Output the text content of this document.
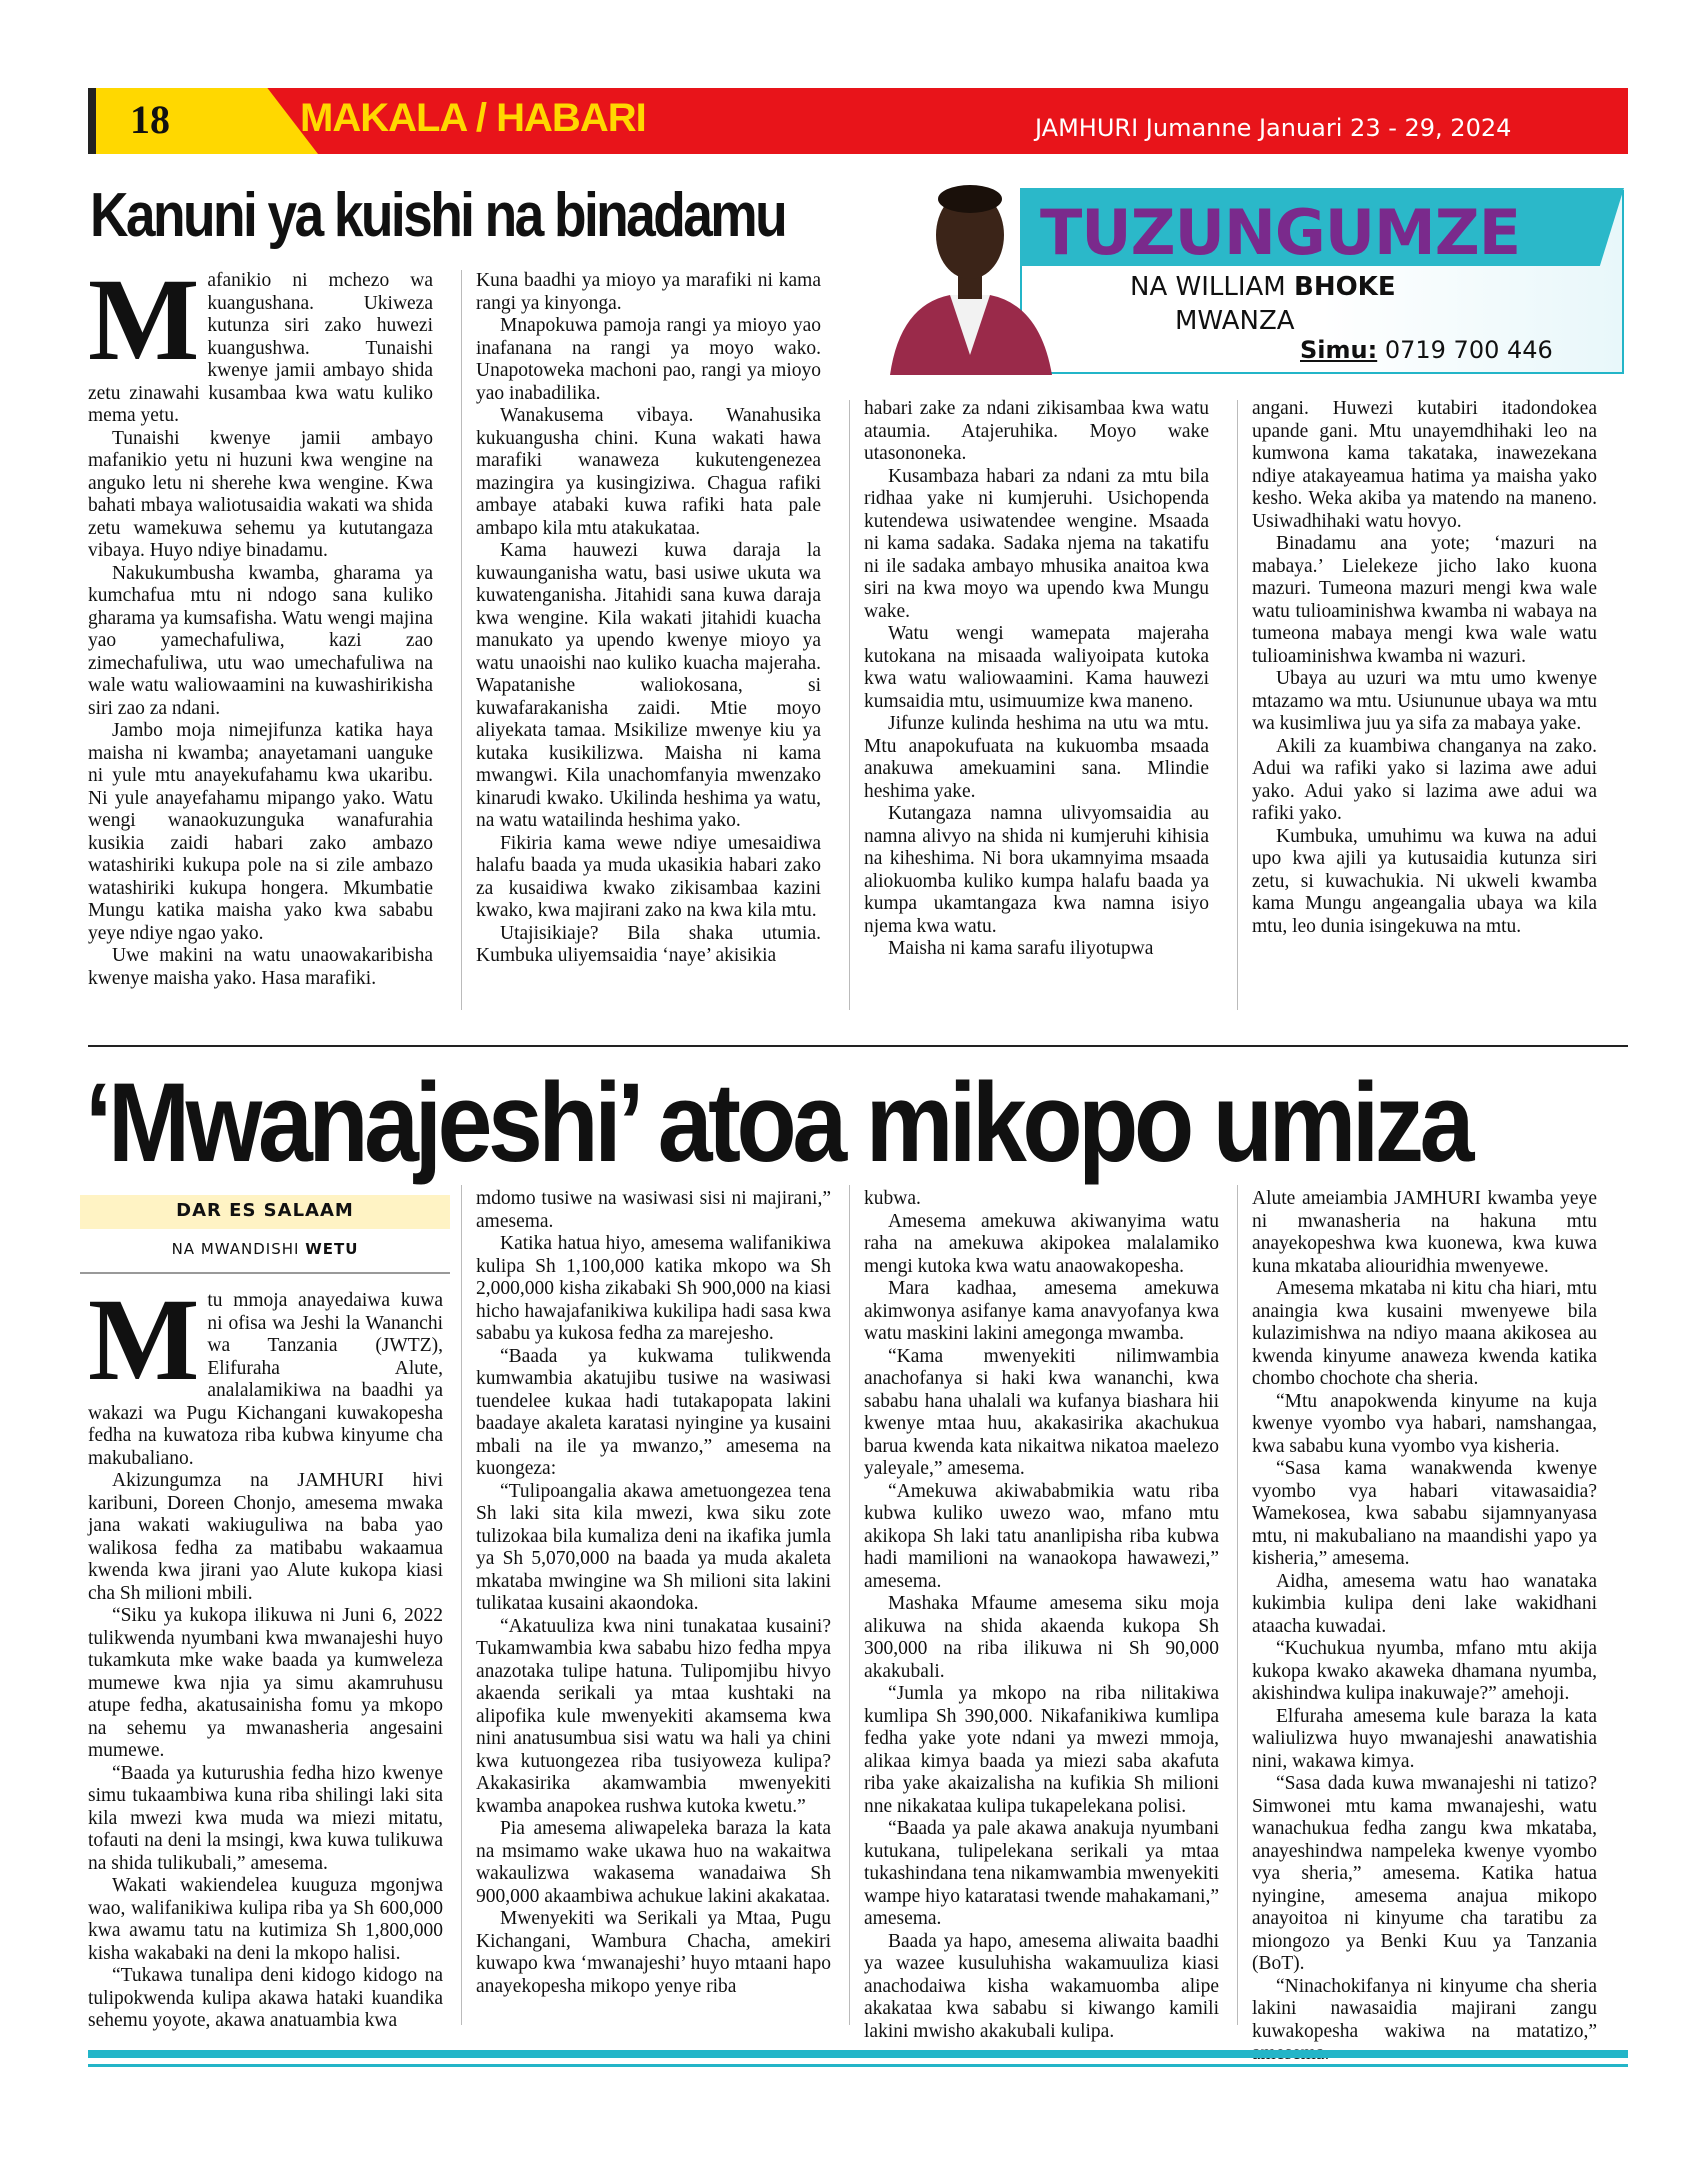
18	MAKALA / HABARI	JAMHURI Jumanne Januari 23 - 29, 2024
Kanuni ya kuishi na binadamu	TUZUNGUMZE
NA WILLIAM BHOKE
MWANZA
Simu: 0719 700 446
M afanikio ni mchezo wa kuangushana. Ukiweza kutunza siri zako huwezi kuangushwa. Tunaishi kwenye jamii ambayo shida zetu zinawahi kusambaa kwa watu kuliko mema yetu.

Tunaishi kwenye jamii ambayo mafanikio yetu ni huzuni kwa wengine na anguko letu ni sherehe kwa wengine. Kwa bahati mbaya waliotusaidia wakati wa shida zetu wamekuwa sehemu ya kututangaza vibaya. Huyo ndiye binadamu.

Nakukumbusha kwamba, gharama ya kumchafua mtu ni ndogo sana kuliko gharama ya kumsafisha. Watu wengi majina yao yamechafuliwa, kazi zao zimechafuliwa, utu wao umechafuliwa na wale watu waliowaamini na kuwashirikisha siri zao za ndani.

Jambo moja nimejifunza katika haya maisha ni kwamba; anayetamani uanguke ni yule mtu anayekufahamu kwa ukaribu. Ni yule anayefahamu mipango yako. Watu wengi wanaokuzunguka wanafurahia kusikia zaidi habari zako ambazo watashiriki kukupa pole na si zile ambazo watashiriki kukupa hongera. Mkumbatie Mungu katika maisha yako kwa sababu yeye ndiye ngao yako.

Uwe makini na watu unaowakaribisha kwenye maisha yako. Hasa marafiki.

Kuna baadhi ya mioyo ya marafiki ni kama rangi ya kinyonga.

Mnapokuwa pamoja rangi ya mioyo yao inafanana na rangi ya moyo wako. Unapotoweka machoni pao, rangi ya mioyo yao inabadilika.

Wanakusema vibaya. Wanahusika kukuangusha chini. Kuna wakati hawa marafiki wanaweza kukutengenezea mazingira ya kusingiziwa. Chagua rafiki ambaye atabaki kuwa rafiki hata pale ambapo kila mtu atakukataa.

Kama hauwezi kuwa daraja la kuwaunganisha watu, basi usiwe ukuta wa kuwatenganisha. Jitahidi sana kuwa daraja kwa wengine. Kila wakati jitahidi kuacha manukato ya upendo kwenye mioyo ya watu unaoishi nao kuliko kuacha majeraha. Wapatanishe waliokosana, si kuwafarakanisha zaidi. Mtie moyo aliyekata tamaa. Msikilize mwenye kiu ya kutaka kusikilizwa. Maisha ni kama mwangwi. Kila unachomfanyia mwenzako kinarudi kwako. Ukilinda heshima ya watu, na watu watailinda heshima yako.

Fikiria kama wewe ndiye umesaidiwa halafu baada ya muda ukasikia habari zako za kusaidiwa kwako zikisambaa kazini kwako, kwa majirani zako na kwa kila mtu.

Utajisikiaje? Bila shaka utumia. Kumbuka uliyemsaidia ‘naye’ akisikia

habari zake za ndani zikisambaa kwa watu ataumia. Atajeruhika. Moyo wake utasononeka.

Kusambaza habari za ndani za mtu bila ridhaa yake ni kumjeruhi. Usichopenda kutendewa usiwatendee wengine. Msaada ni kama sadaka. Sadaka njema na takatifu ni ile sadaka ambayo mhusika anaitoa kwa siri na kwa moyo wa upendo kwa Mungu wake.

Watu wengi wamepata majeraha kutokana na misaada waliyoipata kutoka kwa watu waliowaamini. Kama hauwezi kumsaidia mtu, usimuumize kwa maneno.

Jifunze kulinda heshima na utu wa mtu. Mtu anapokufuata na kukuomba msaada anakuwa amekuamini sana. Mlindie heshima yake.

Kutangaza namna ulivyomsaidia au namna alivyo na shida ni kumjeruhi kihisia na kiheshima. Ni bora ukamnyima msaada aliokuomba kuliko kumpa halafu baada ya kumpa ukamtangaza kwa namna isiyo njema kwa watu.

Maisha ni kama sarafu iliyotupwa

angani. Huwezi kutabiri itadondokea upande gani. Mtu unayemdhihaki leo na kumwona kama takataka, inawezekana ndiye atakayeamua hatima ya maisha yako kesho. Weka akiba ya matendo na maneno. Usiwadhihaki watu hovyo.

Binadamu ana yote; ‘mazuri na mabaya.’ Lielekeze jicho lako kuona mazuri. Tumeona mazuri mengi kwa wale watu tulioaminishwa kwamba ni wabaya na tumeona mabaya mengi kwa wale watu tulioaminishwa kwamba ni wazuri.

Ubaya au uzuri wa mtu umo kwenye mtazamo wa mtu. Usiununue ubaya wa mtu wa kusimliwa juu ya sifa za mabaya yake.

Akili za kuambiwa changanya na zako. Adui wa rafiki yako si lazima awe adui yako. Adui yako si lazima awe adui wa rafiki yako.

Kumbuka, umuhimu wa kuwa na adui upo kwa ajili ya kutusaidia kutunza siri zetu, si kuwachukia. Ni ukweli kwamba kama Mungu angeangalia ubaya wa kila mtu, leo dunia isingekuwa na mtu.

‘Mwanajeshi’ atoa mikopo umiza
DAR ES SALAAM
NA MWANDISHI WETU
M tu mmoja anayedaiwa kuwa ni ofisa wa Jeshi la Wananchi wa Tanzania (JWTZ), Elifuraha Alute, analalamikiwa na baadhi ya wakazi wa Pugu Kichangani kuwakopesha fedha na kuwatoza riba kubwa kinyume cha makubaliano.

Akizungumza na JAMHURI hivi karibuni, Doreen Chonjo, amesema mwaka jana wakati wakiuguliwa na baba yao walikosa fedha za matibabu wakaamua kwenda kwa jirani yao Alute kukopa kiasi cha Sh milioni mbili.

“Siku ya kukopa ilikuwa ni Juni 6, 2022 tulikwenda nyumbani kwa mwanajeshi huyo tukamkuta mke wake baada ya kumweleza mumewe kwa njia ya simu akamruhusu atupe fedha, akatusainisha fomu ya mkopo na sehemu ya mwanasheria angesaini mumewe.

“Baada ya kuturushia fedha hizo kwenye simu tukaambiwa kuna riba shilingi laki sita kila mwezi kwa muda wa miezi mitatu, tofauti na deni la msingi, kwa kuwa tulikuwa na shida tulikubali,” amesema.

Wakati wakiendelea kuuguza mgonjwa wao, walifanikiwa kulipa riba ya Sh 600,000 kwa awamu tatu na kutimiza Sh 1,800,000 kisha wakabaki na deni la mkopo halisi.

“Tukawa tunalipa deni kidogo kidogo na tulipokwenda kulipa akawa hataki kuandika sehemu yoyote, akawa anatuambia kwa

mdomo tusiwe na wasiwasi sisi ni majirani,” amesema.

Katika hatua hiyo, amesema walifanikiwa kulipa Sh 1,100,000 katika mkopo wa Sh 2,000,000 kisha zikabaki Sh 900,000 na kiasi hicho hawajafanikiwa kukilipa hadi sasa kwa sababu ya kukosa fedha za marejesho.

“Baada ya kukwama tulikwenda kumwambia akatujibu tusiwe na wasiwasi tuendelee kukaa hadi tutakapopata lakini baadaye akaleta karatasi nyingine ya kusaini mbali na ile ya mwanzo,” amesema na kuongeza:

“Tulipoangalia akawa ametuongezea tena Sh laki sita kila mwezi, kwa siku zote tulizokaa bila kumaliza deni na ikafika jumla ya Sh 5,070,000 na baada ya muda akaleta mkataba mwingine wa Sh milioni sita lakini tulikataa kusaini akaondoka.

“Akatuuliza kwa nini tunakataa kusaini? Tukamwambia kwa sababu hizo fedha mpya anazotaka tulipe hatuna. Tulipomjibu hivyo akaenda serikali ya mtaa kushtaki na alipofika kule mwenyekiti akamsema kwa nini anatusumbua sisi watu wa hali ya chini kwa kutuongezea riba tusiyoweza kulipa? Akakasirika akamwambia mwenyekiti kwamba anapokea rushwa kutoka kwetu.”

Pia amesema aliwapeleka baraza la kata na msimamo wake ukawa huo na wakaitwa wakaulizwa wakasema wanadaiwa Sh 900,000 akaambiwa achukue lakini akakataa.

Mwenyekiti wa Serikali ya Mtaa, Pugu Kichangani, Wambura Chacha, amekiri kuwapo kwa ‘mwanajeshi’ huyo mtaani hapo anayekopesha mikopo yenye riba

kubwa.

Amesema amekuwa akiwanyima watu raha na amekuwa akipokea malalamiko mengi kutoka kwa watu anaowakopesha.

Mara kadhaa, amesema amekuwa akimwonya asifanye kama anavyofanya kwa watu maskini lakini amegonga mwamba.

“Kama mwenyekiti nilimwambia anachofanya si haki kwa wananchi, kwa sababu hana uhalali wa kufanya biashara hii kwenye mtaa huu, akakasirika akachukua barua kwenda kata nikaitwa nikatoa maelezo yaleyale,” amesema.

“Amekuwa akiwababmikia watu riba kubwa kuliko uwezo wao, mfano mtu akikopa Sh laki tatu ananlipisha riba kubwa hadi mamilioni na wanaokopa hawawezi,” amesema.

Mashaka Mfaume amesema siku moja alikuwa na shida akaenda kukopa Sh 300,000 na riba ilikuwa ni Sh 90,000 akakubali.

“Jumla ya mkopo na riba nilitakiwa kumlipa Sh 390,000. Nikafanikiwa kumlipa fedha yake yote ndani ya mwezi mmoja, alikaa kimya baada ya miezi saba akafuta riba yake akaizalisha na kufikia Sh milioni nne nikakataa kulipa tukapelekana polisi.

“Baada ya pale akawa anakuja nyumbani kutukana, tulipelekana serikali ya mtaa tukashindana tena nikamwambia mwenyekiti wampe hiyo kataratasi twende mahakamani,” amesema.

Baada ya hapo, amesema aliwaita baadhi ya wazee kusuluhisha wakamuuliza kiasi anachodaiwa kisha wakamuomba alipe akakataa kwa sababu si kiwango kamili lakini mwisho akakubali kulipa.

Alute ameiambia JAMHURI kwamba yeye ni mwanasheria na hakuna mtu anayekopeshwa kwa kuonewa, kwa kuwa kuna mkataba aliouridhia mwenyewe.

Amesema mkataba ni kitu cha hiari, mtu anaingia kwa kusaini mwenyewe bila kulazimishwa na ndiyo maana akikosea au kwenda kinyume anaweza kwenda katika chombo chochote cha sheria.

“Mtu anapokwenda kinyume na kuja kwenye vyombo vya habari, namshangaa, kwa sababu kuna vyombo vya kisheria.

“Sasa kama wanakwenda kwenye vyombo vya habari vitawasaidia? Wamekosea, kwa sababu sijamnyanyasa mtu, ni makubaliano na maandishi yapo ya kisheria,” amesema.

Aidha, amesema watu hao wanataka kukimbia kulipa deni lake wakidhani ataacha kuwadai.

“Kuchukua nyumba, mfano mtu akija kukopa kwako akaweka dhamana nyumba, akishindwa kulipa inakuwaje?” amehoji.

Elfuraha amesema kule baraza la kata waliulizwa huyo mwanajeshi anawatishia nini, wakawa kimya.

“Sasa dada kuwa mwanajeshi ni tatizo? Simwonei mtu kama mwanajeshi, watu wanachukua fedha zangu kwa mkataba, anayeshindwa nampeleka kwenye vyombo vya sheria,” amesema. Katika hatua nyingine, amesema anajua mikopo anayoitoa ni kinyume cha taratibu za miongozo ya Benki Kuu ya Tanzania (BoT).

“Ninachokifanya ni kinyume cha sheria lakini nawasaidia majirani zangu kuwakopesha wakiwa na matatizo,”
